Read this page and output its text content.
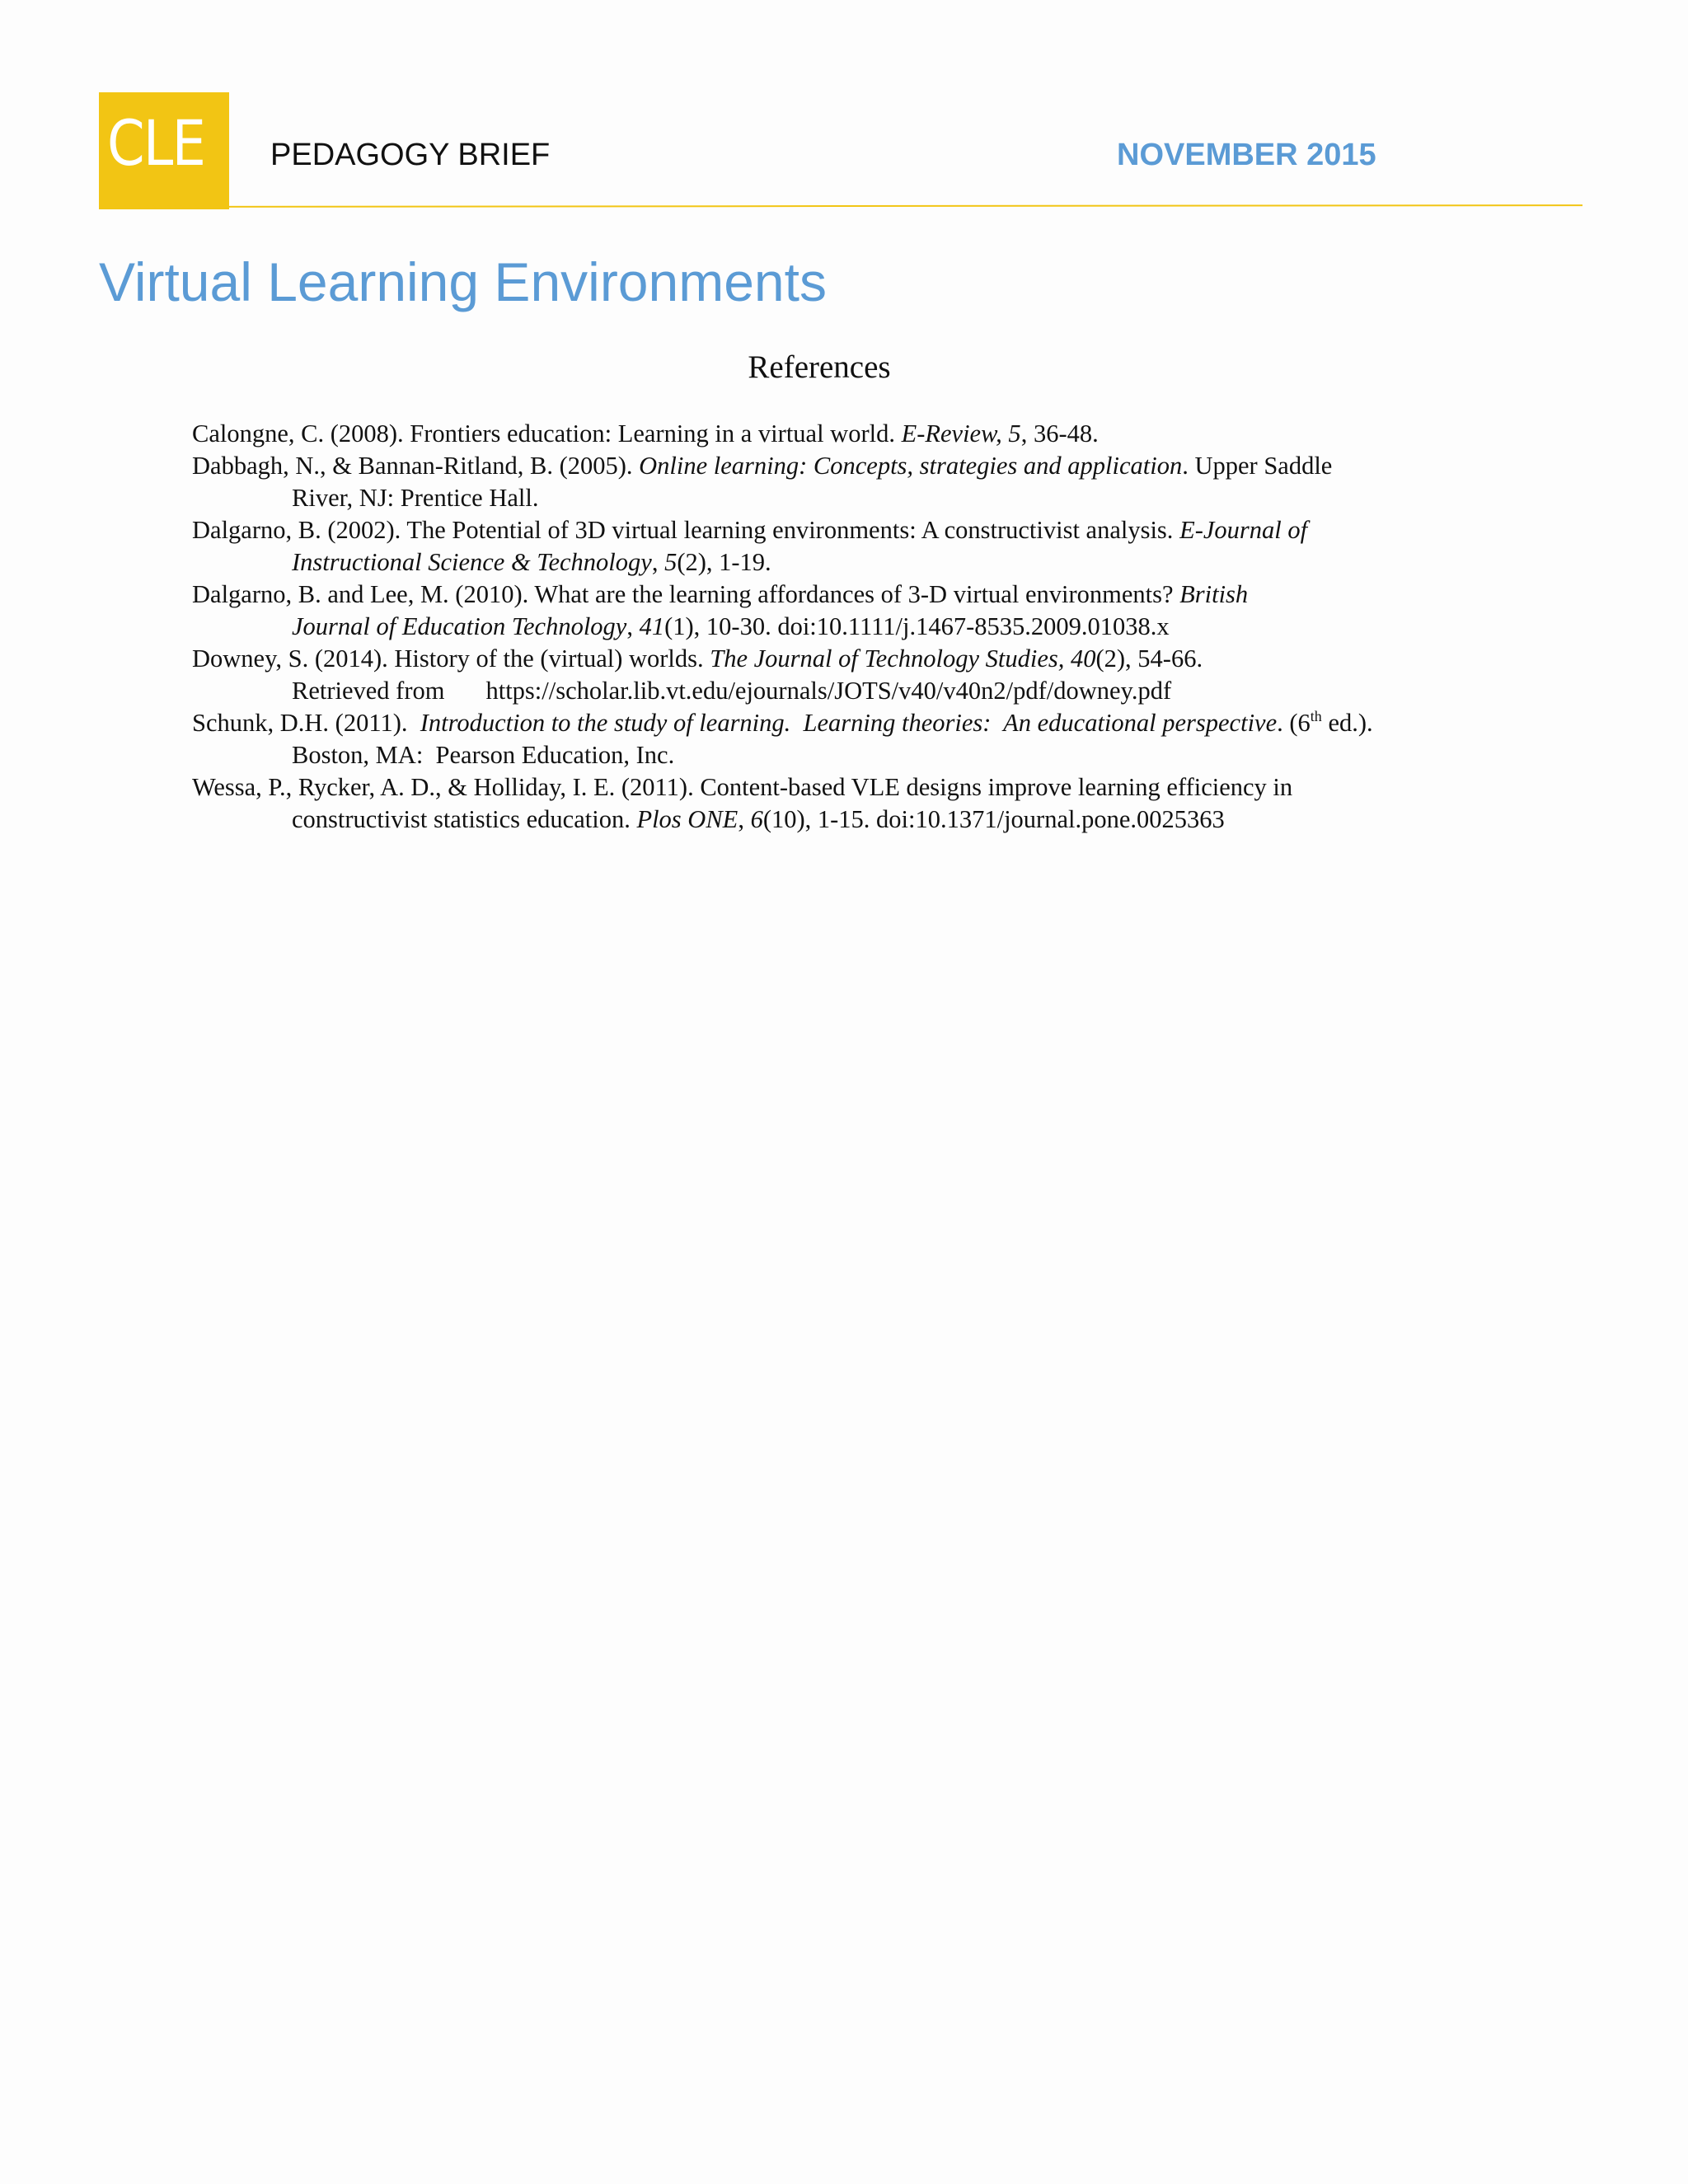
CLE PEDAGOGY BRIEF	NOVEMBER 2015
Virtual Learning Environments
References
Calongne, C. (2008). Frontiers education: Learning in a virtual world. E-Review, 5, 36-48.
Dabbagh, N., & Bannan-Ritland, B. (2005). Online learning: Concepts, strategies and application. Upper Saddle
River, NJ: Prentice Hall.
Dalgarno, B. (2002). The Potential of 3D virtual learning environments: A constructivist analysis. E-Journal of
Instructional Science & Technology, 5(2), 1-19.
Dalgarno, B. and Lee, M. (2010). What are the learning affordances of 3-D virtual environments? British
Journal of Education Technology, 41(1), 10-30. doi:10.1111/j.1467-8535.2009.01038.x
Downey, S. (2014). History of the (virtual) worlds. The Journal of Technology Studies, 40(2), 54-66.
Retrieved from https://scholar.lib.vt.edu/ejournals/JOTS/v40/v40n2/pdf/downey.pdf
Schunk, D.H. (2011).  Introduction to the study of learning.  Learning theories:  An educational perspective. (6th ed.).
Boston, MA:  Pearson Education, Inc.
Wessa, P., Rycker, A. D., & Holliday, I. E. (2011). Content-based VLE designs improve learning efficiency in
constructivist statistics education. Plos ONE, 6(10), 1-15. doi:10.1371/journal.pone.0025363
